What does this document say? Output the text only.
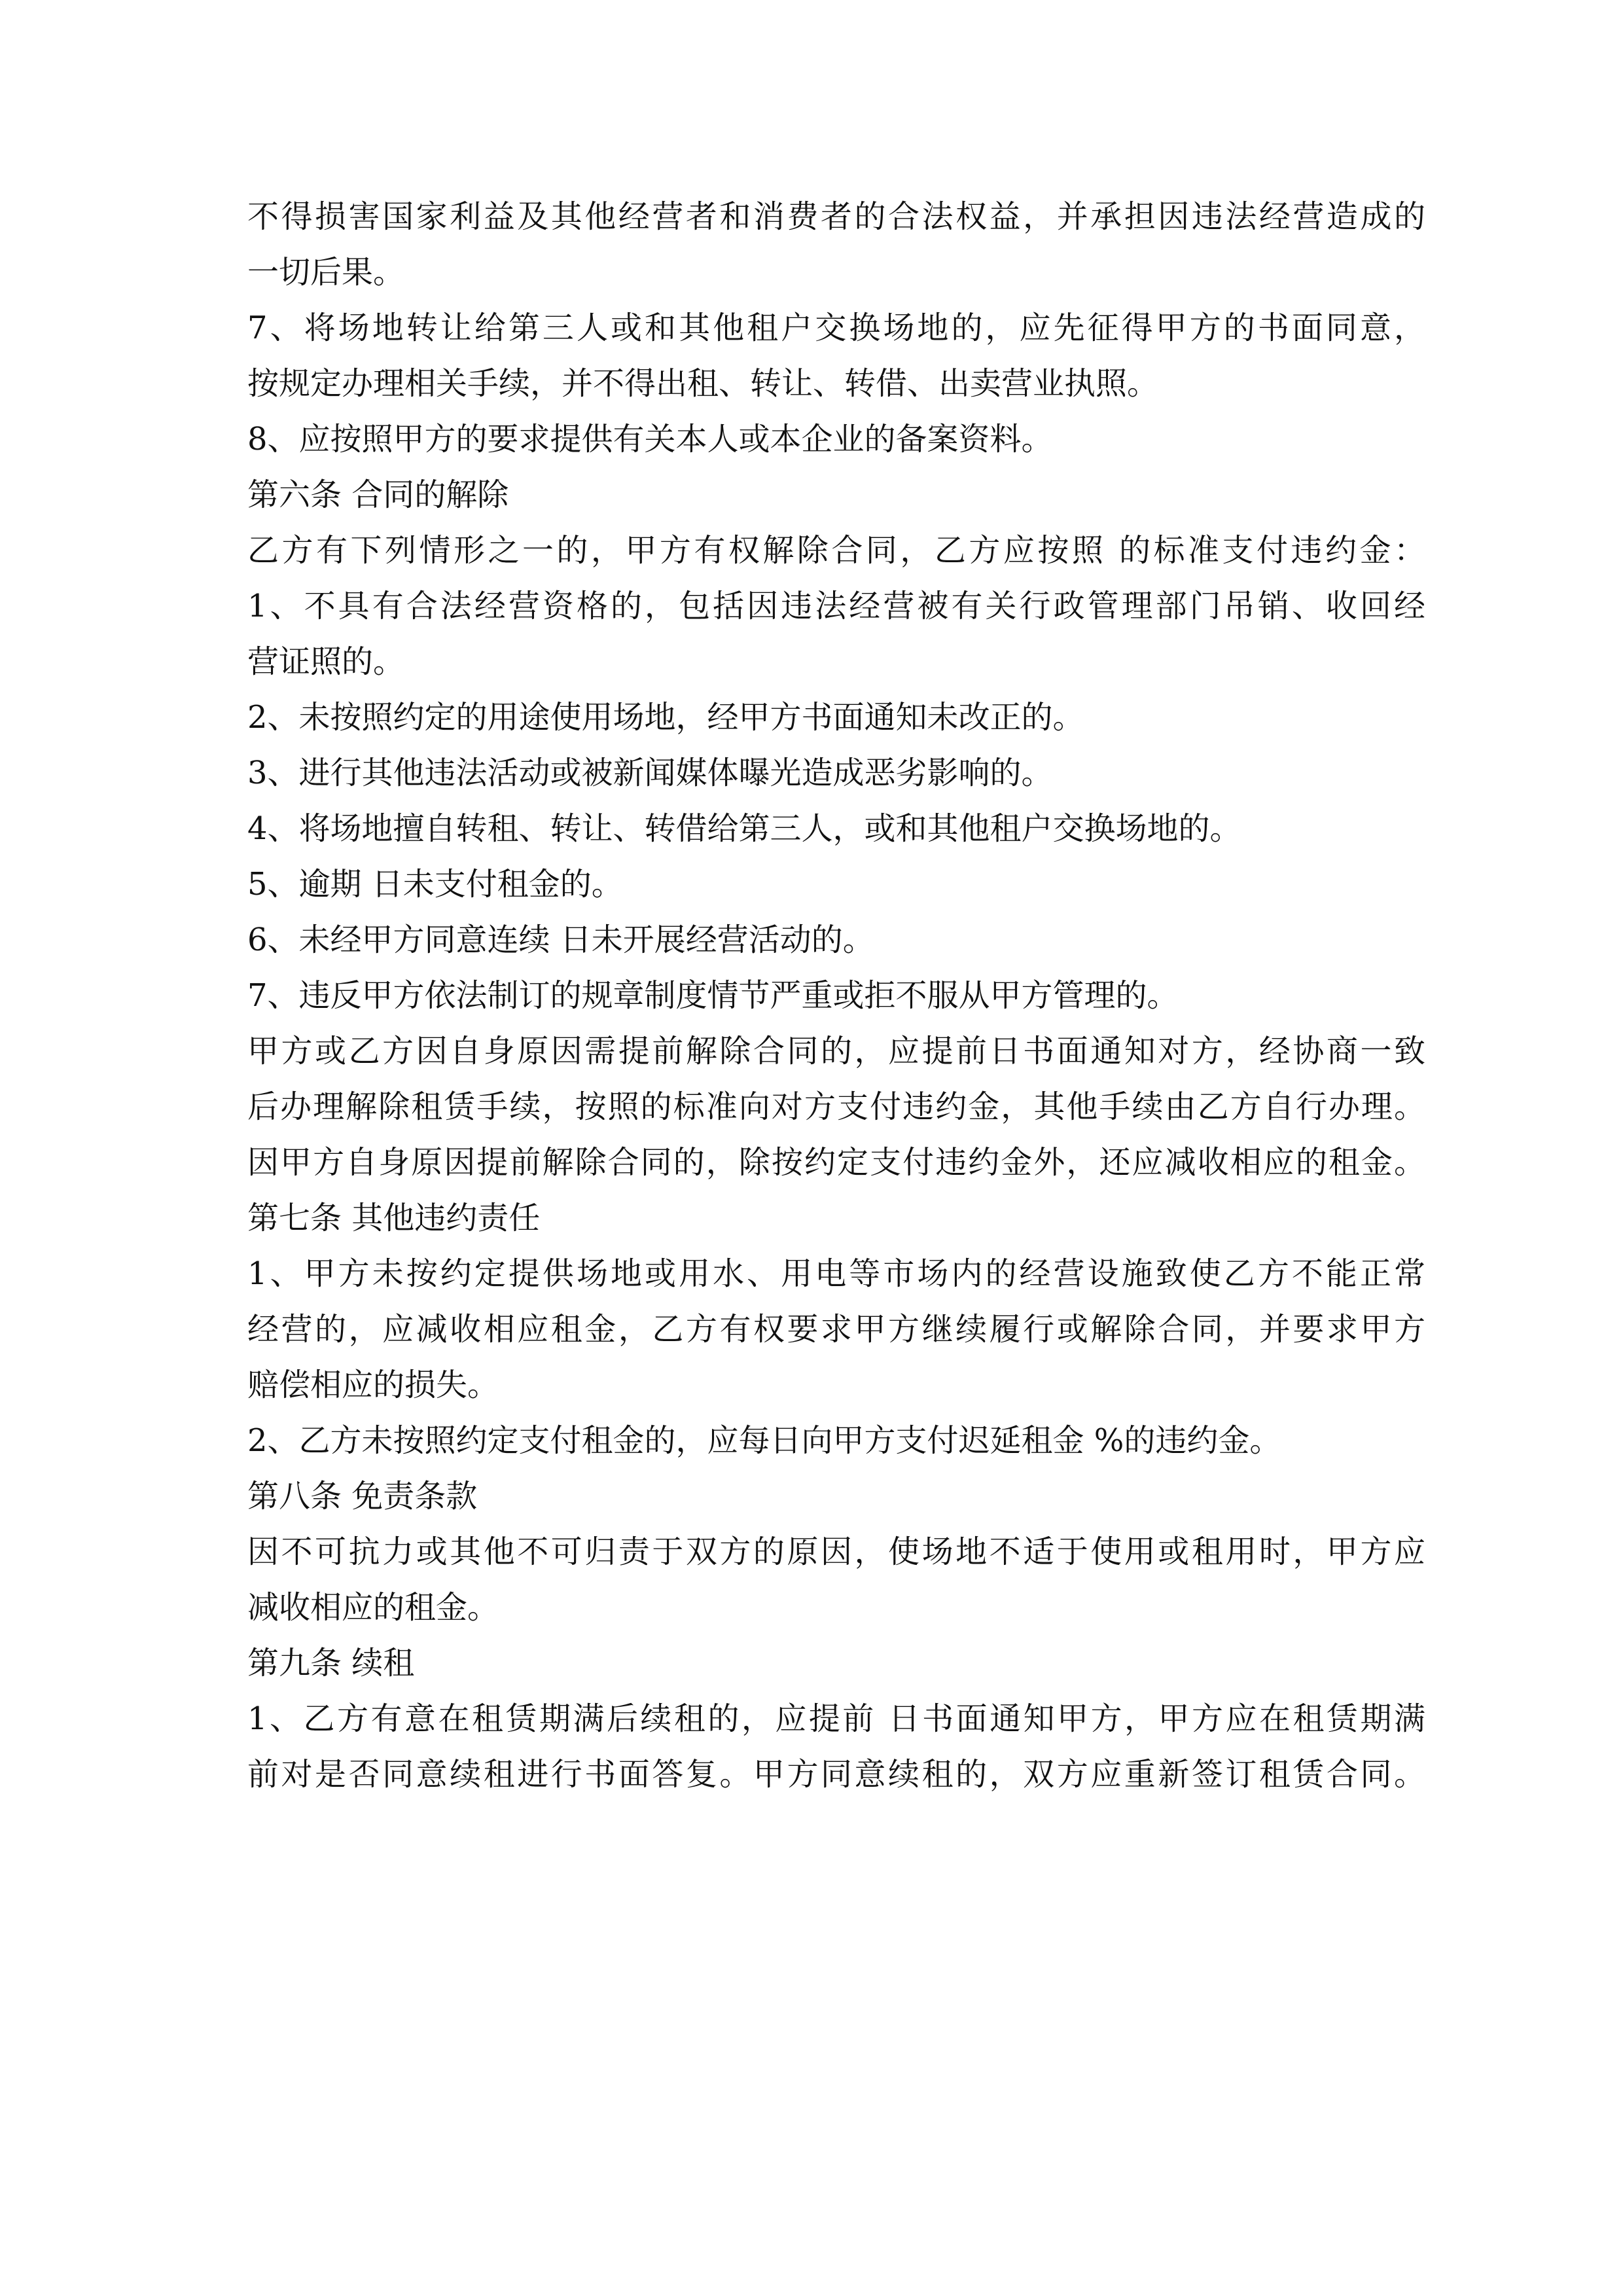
不得损害国家利益及其他经营者和消费者的合法权益，并承担因违法经营造成的
一切后果。
7、将场地转让给第三人或和其他租户交换场地的，应先征得甲方的书面同意，
按规定办理相关手续，并不得出租、转让、转借、出卖营业执照。
8、应按照甲方的要求提供有关本人或本企业的备案资料。
第六条 合同的解除
乙方有下列情形之一的，甲方有权解除合同，乙方应按照 的标准支付违约金：
1、不具有合法经营资格的，包括因违法经营被有关行政管理部门吊销、收回经
营证照的。
2、未按照约定的用途使用场地，经甲方书面通知未改正的。
3、进行其他违法活动或被新闻媒体曝光造成恶劣影响的。
4、将场地擅自转租、转让、转借给第三人，或和其他租户交换场地的。
5、逾期 日未支付租金的。
6、未经甲方同意连续 日未开展经营活动的。
7、违反甲方依法制订的规章制度情节严重或拒不服从甲方管理的。
甲方或乙方因自身原因需提前解除合同的，应提前日书面通知对方，经协商一致
后办理解除租赁手续，按照的标准向对方支付违约金，其他手续由乙方自行办理。
因甲方自身原因提前解除合同的，除按约定支付违约金外，还应减收相应的租金。
第七条 其他违约责任
1、甲方未按约定提供场地或用水、用电等市场内的经营设施致使乙方不能正常
经营的，应减收相应租金，乙方有权要求甲方继续履行或解除合同，并要求甲方
赔偿相应的损失。
2、乙方未按照约定支付租金的，应每日向甲方支付迟延租金 %的违约金。
第八条 免责条款
因不可抗力或其他不可归责于双方的原因，使场地不适于使用或租用时，甲方应
减收相应的租金。
第九条 续租
1、乙方有意在租赁期满后续租的，应提前 日书面通知甲方，甲方应在租赁期满
前对是否同意续租进行书面答复。甲方同意续租的，双方应重新签订租赁合同。
